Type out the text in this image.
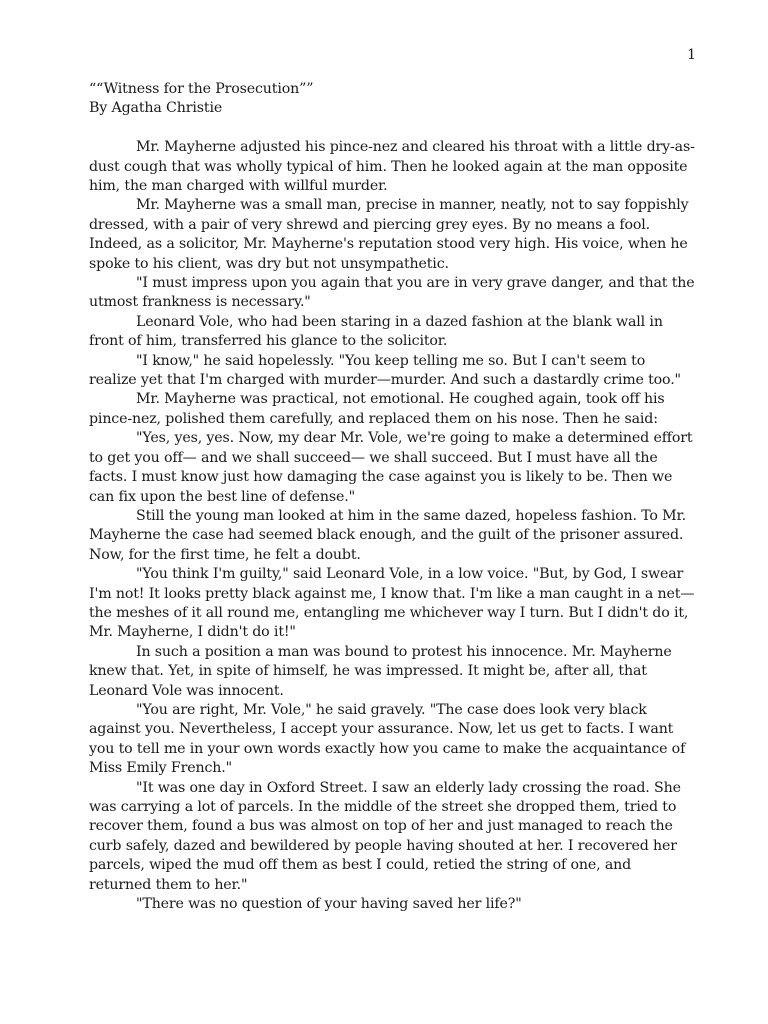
1

““Witness for the Prosecution””

By Agatha Christie

Mr. Mayherne adjusted his pince-nez and cleared his throat with a little dry-as-dust cough that was wholly typical of him. Then he looked again at the man opposite him, the man charged with willful murder.

Mr. Mayherne was a small man, precise in manner, neatly, not to say foppishly dressed, with a pair of very shrewd and piercing grey eyes. By no means a fool. Indeed, as a solicitor, Mr. Mayherne's reputation stood very high. His voice, when he spoke to his client, was dry but not unsympathetic.

"I must impress upon you again that you are in very grave danger, and that the utmost frankness is necessary."

Leonard Vole, who had been staring in a dazed fashion at the blank wall in front of him, transferred his glance to the solicitor.

"I know," he said hopelessly. "You keep telling me so. But I can't seem to realize yet that I'm charged with murder—murder. And such a dastardly crime too."

Mr. Mayherne was practical, not emotional. He coughed again, took off his pince-nez, polished them carefully, and replaced them on his nose. Then he said:

"Yes, yes, yes. Now, my dear Mr. Vole, we're going to make a determined effort to get you off— and we shall succeed— we shall succeed. But I must have all the facts. I must know just how damaging the case against you is likely to be. Then we can fix upon the best line of defense."

Still the young man looked at him in the same dazed, hopeless fashion. To Mr. Mayherne the case had seemed black enough, and the guilt of the prisoner assured. Now, for the first time, he felt a doubt.

"You think I'm guilty," said Leonard Vole, in a low voice. "But, by God, I swear I'm not! It looks pretty black against me, I know that. I'm like a man caught in a net— the meshes of it all round me, entangling me whichever way I turn. But I didn't do it, Mr. Mayherne, I didn't do it!"

In such a position a man was bound to protest his innocence. Mr. Mayherne knew that. Yet, in spite of himself, he was impressed. It might be, after all, that Leonard Vole was innocent.

"You are right, Mr. Vole," he said gravely. "The case does look very black against you. Nevertheless, I accept your assurance. Now, let us get to facts. I want you to tell me in your own words exactly how you came to make the acquaintance of Miss Emily French."

"It was one day in Oxford Street. I saw an elderly lady crossing the road. She was carrying a lot of parcels. In the middle of the street she dropped them, tried to recover them, found a bus was almost on top of her and just managed to reach the curb safely, dazed and bewildered by people having shouted at her. I recovered her parcels, wiped the mud off them as best I could, retied the string of one, and returned them to her."

"There was no question of your having saved her life?"
